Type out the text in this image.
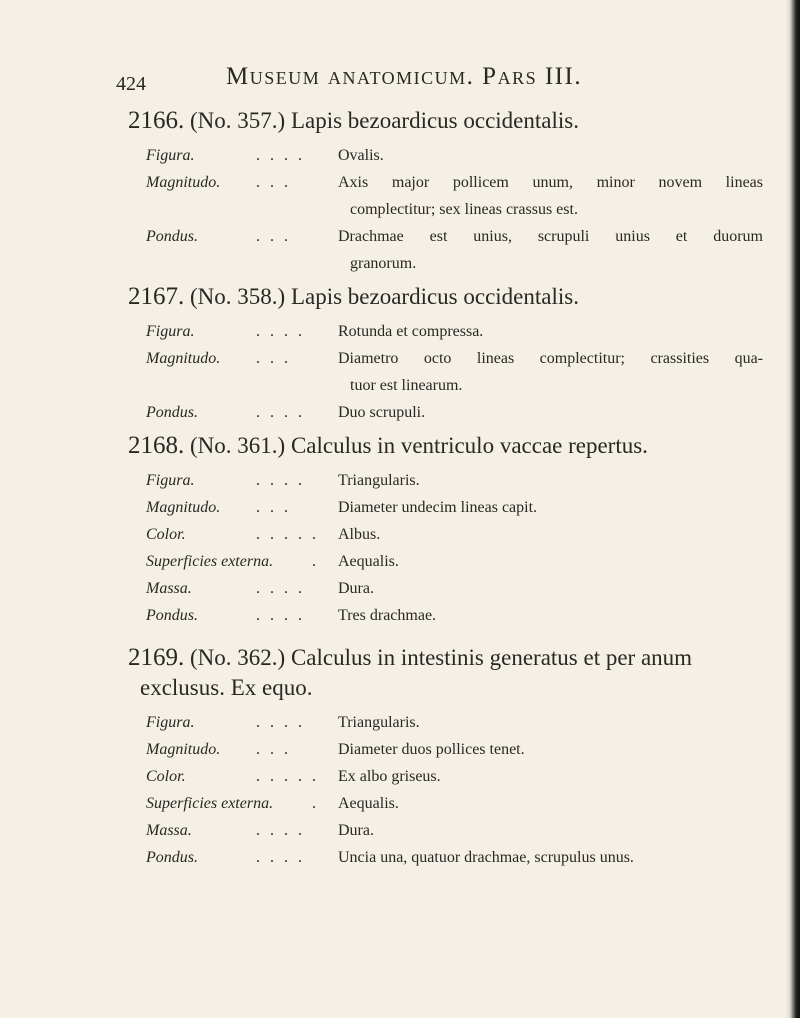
424	Museum anatomicum. Pars III.
2166. (No. 357.) Lapis bezoardicus occidentalis.
Figura.	. . . . Ovalis.
Magnitudo. . . .	Axis major pollicem unum, minor novem lineas
complectitur; sex lineas crassus est.
Pondus.	. . .	Drachmae est unius, scrupuli unius et duorum
granorum.
2167. (No. 358.) Lapis bezoardicus occidentalis.
Figura.	. . . . Rotunda et compressa.
Magnitudo. . . .	Diametro octo lineas complectitur; crassities qua-
tuor est linearum.
Pondus.	. . . . Duo scrupuli.
2168. (No. 361.) Calculus in ventriculo vaccae repertus.
Figura.	. . . . Triangularis.
Magnitudo. . . .	Diameter undecim lineas capit.
Color.	. . . . . Albus.
Superficies externa. . Aequalis.
Massa.	. . . . Dura.
Pondus.	. . . . Tres drachmae.
2169. (No. 362.) Calculus in intestinis generatus et per anum
exclusus. Ex equo.
Figura.	. . . . Triangularis.
Magnitudo. . . .	Diameter duos pollices tenet.
Color.	. . . . . Ex albo griseus.
Superficies externa. . Aequalis.
Massa.	. . . . Dura.
Pondus.	. . . . Uncia una, quatuor drachmae, scrupulus unus.
